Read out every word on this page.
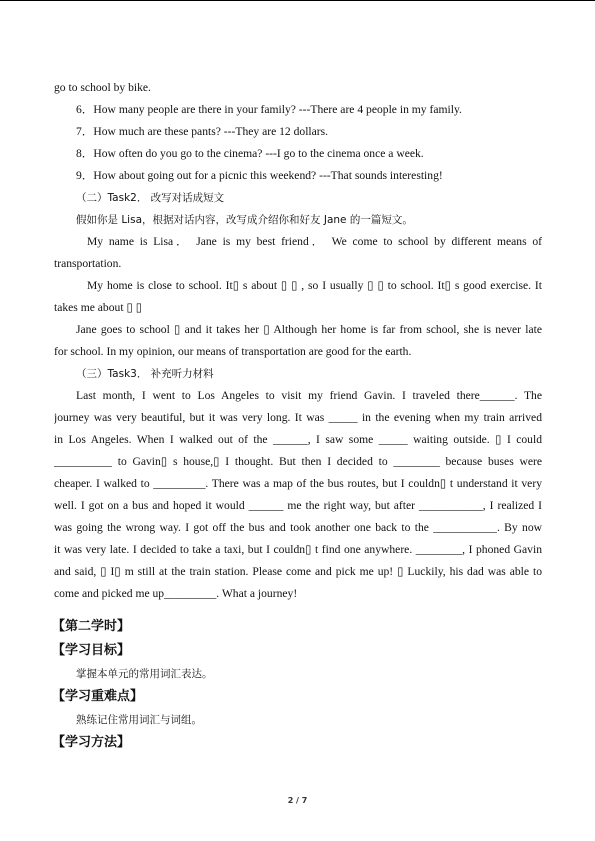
go to school by bike.
6．How many people are there in your family? ---There are 4 people in my family.
7．How much are these pants? ---They are 12 dollars.
8．How often do you go to the cinema? ---I go to the cinema once a week.
9．How about going out for a picnic this weekend? ---That sounds interesting!
（二）Task2． 改写对话成短文
假如你是 Lisa，根据对话内容，改写成介绍你和好友 Jane 的一篇短文。
My name is Lisa． Jane is my best friend． We come to school by different means of
transportation.
My home is close to school. It▯ s about ▯ ▯ , so I usually ▯ ▯ to school. It▯ s good exercise. It
takes me about ▯ ▯
Jane goes to school ▯ and it takes her ▯ Although her home is far from school, she is never late
for school. In my opinion, our means of transportation are good for the earth.
（三）Task3． 补充听力材料
Last month, I went to Los Angeles to visit my friend Gavin. I traveled there______. The
journey was very beautiful, but it was very long. It was _____ in the evening when my train arrived
in Los Angeles. When I walked out of the ______, I saw some _____ waiting outside. ▯ I could
__________ to Gavin▯ s house,▯ I thought. But then I decided to ________ because buses were
cheaper. I walked to _________. There was a map of the bus routes, but I couldn▯ t understand it very
well. I got on a bus and hoped it would ______ me the right way, but after ___________, I realized I
was going the wrong way. I got off the bus and took another one back to the ___________. By now
it was very late. I decided to take a taxi, but I couldn▯ t find one anywhere. ________, I phoned Gavin
and said, ▯ I▯ m still at the train station. Please come and pick me up! ▯ Luckily, his dad was able to
come and picked me up_________. What a journey!
【第二学时】
【学习目标】
掌握本单元的常用词汇表达。
【学习重难点】
熟练记住常用词汇与词组。
【学习方法】
2 / 7
